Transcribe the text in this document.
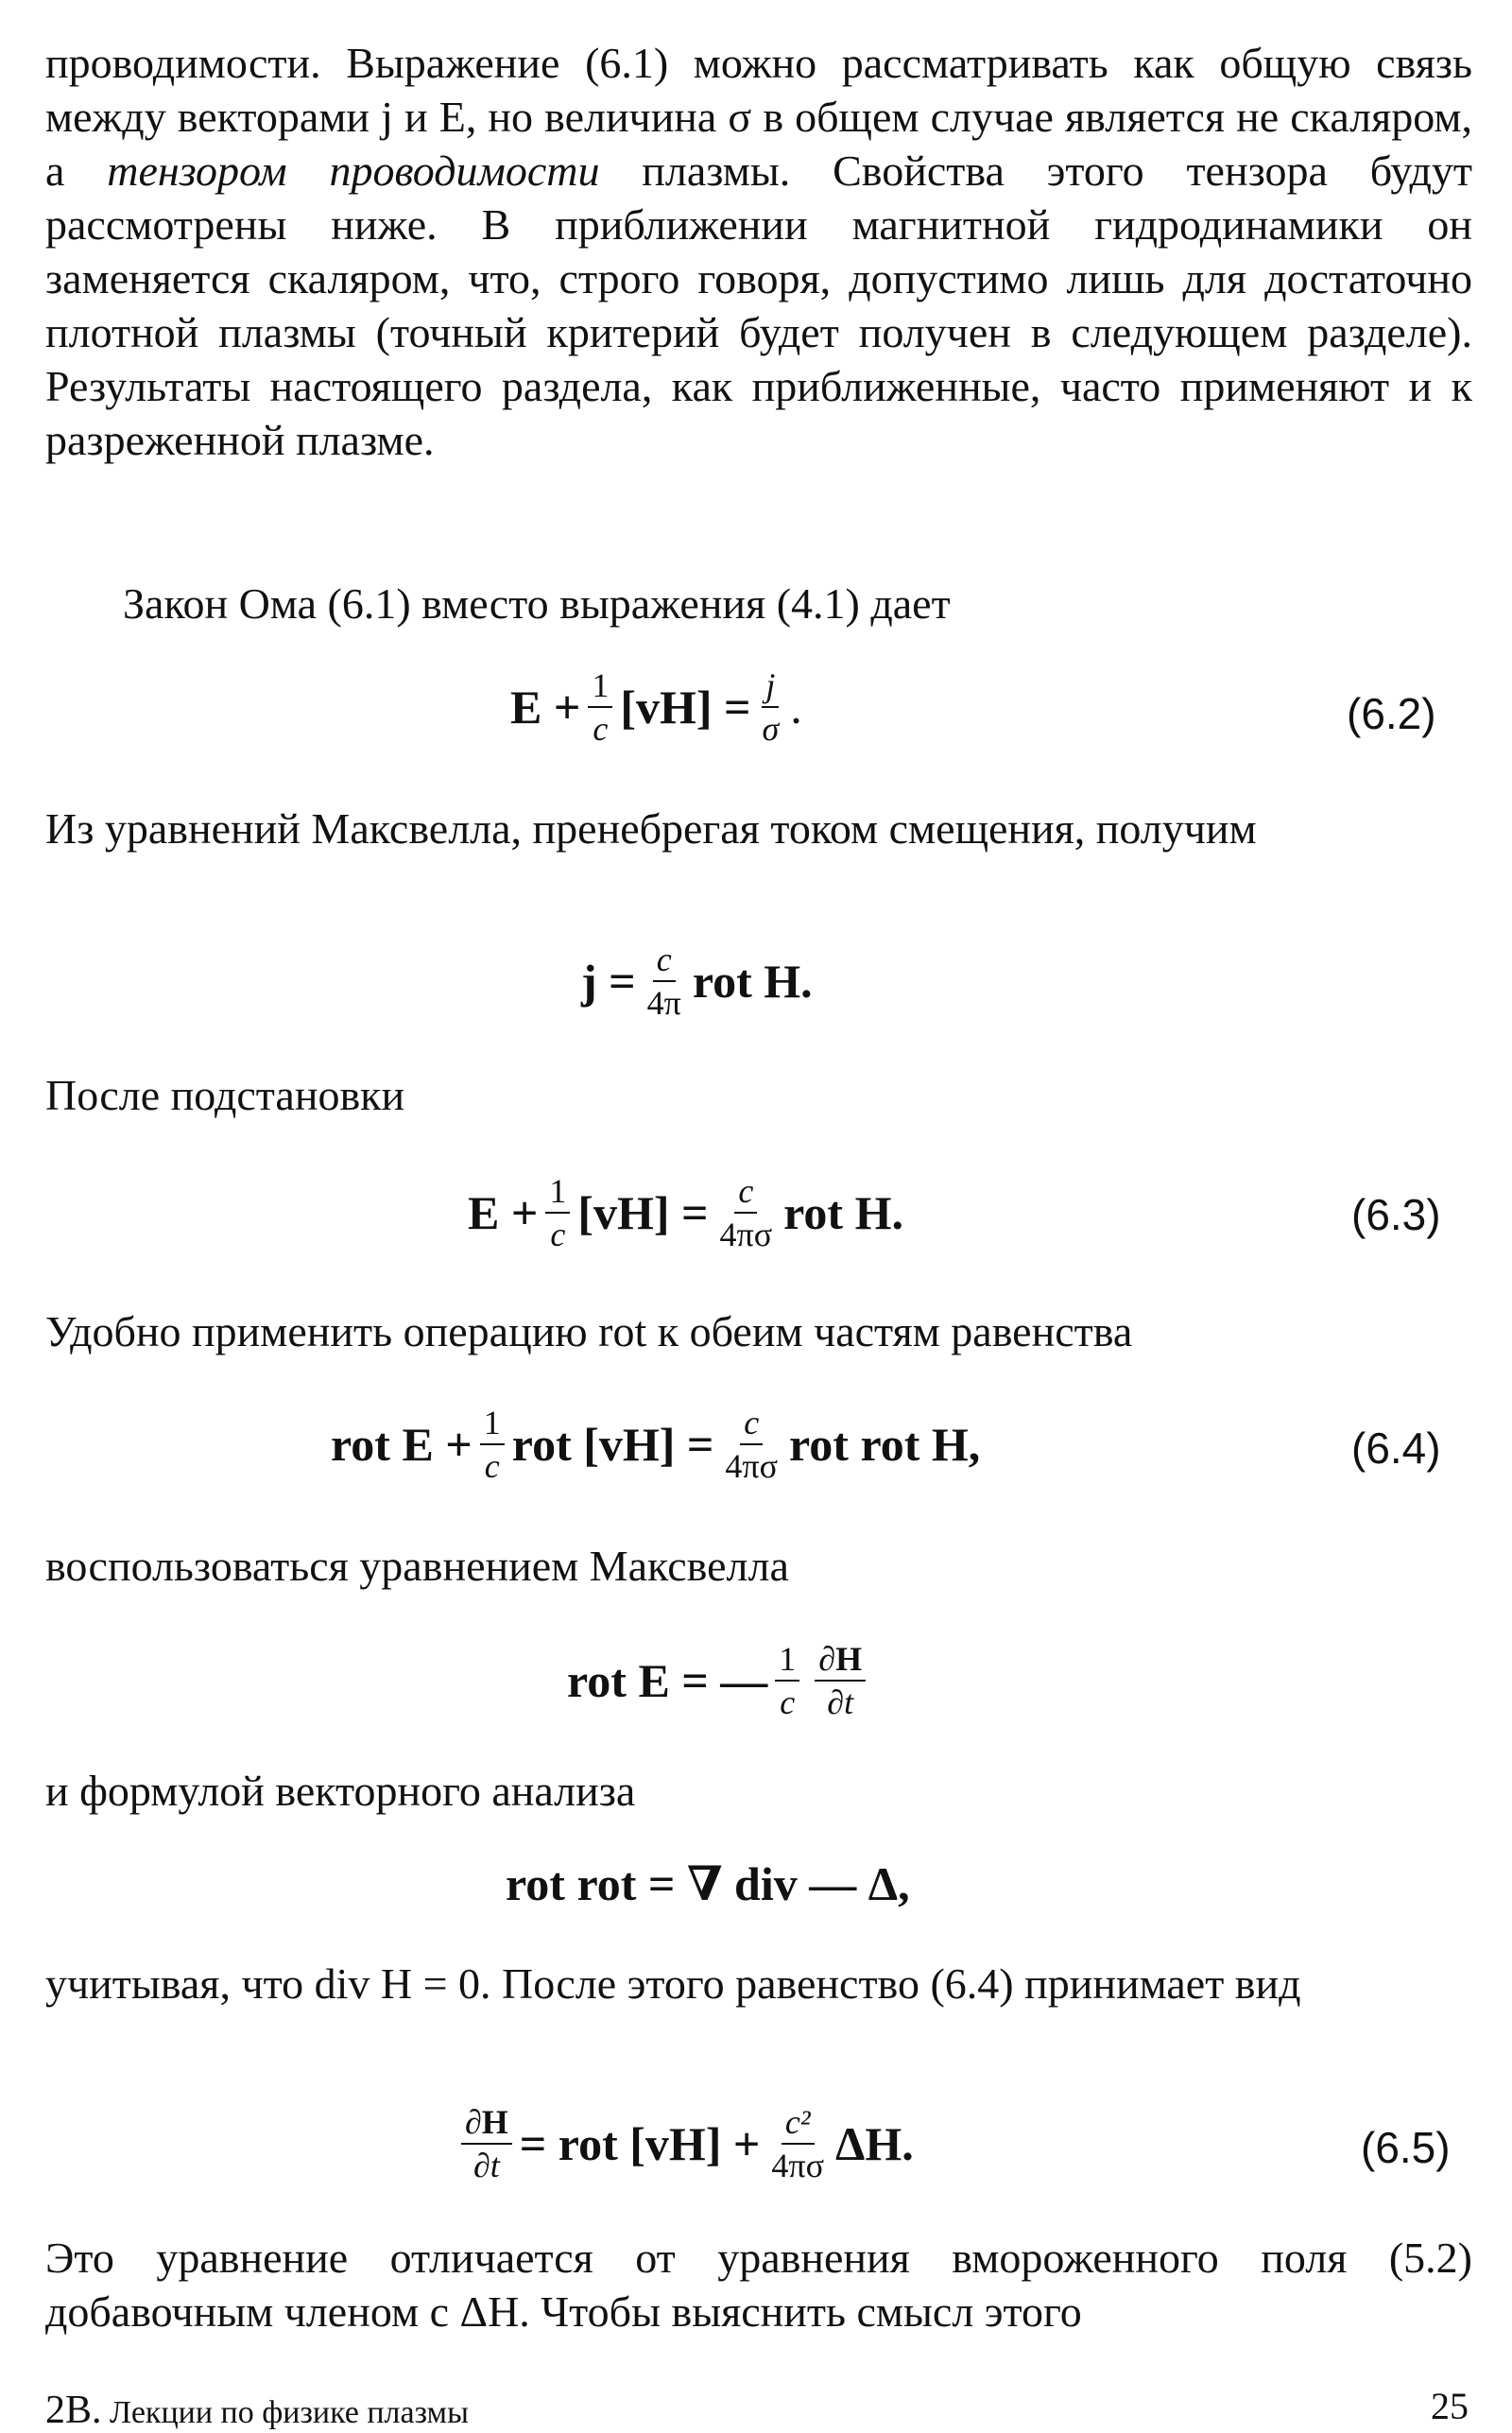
проводимости. Выражение (6.1) можно рассматривать как общую связь между векторами j и E, но величина σ в общем случае является не скаляром, а тензором проводимости плазмы. Свойства этого тензора будут рассмотрены ниже. В приближении магнитной гидродинамики он заменяется скаляром, что, строго говоря, допустимо лишь для достаточно плотной плазмы (точный критерий будет получен в следующем разделе). Результаты настоящего раздела, как приближенные, часто применяют и к разреженной плазме.

Закон Ома (6.1) вместо выражения (4.1) дает

$E + \frac{1}{c} [vH] = \frac{j}{\sigma}$ .	(6.2)

Из уравнений Максвелла, пренебрегая током смещения, получим

$j = \frac{c}{4\pi}$ rot H.

После подстановки

$E + \frac{1}{c} [vH] = \frac{c}{4\pi\sigma}$ rot H.	(6.3)

Удобно применить операцию rot к обеим частям равенства

rot $E + \frac{1}{c}$ rot $[vH] = \frac{c}{4\pi\sigma}$ rot rot H,	(6.4)

воспользоваться уравнением Максвелла

rot E = — $\frac{1}{c} \frac{\partial H}{\partial t}$

и формулой векторного анализа

rot rot = ∇ div — Δ,

учитывая, что div H = 0. После этого равенство (6.4) принимает вид

$\frac{\partial H}{\partial t}$ = rot $[vH] + \frac{\text{c²}}{4\pi\sigma} \Delta H$.	(6.5)

Это уравнение отличается от уравнения вмороженного поля (5.2) добавочным членом с ΔH. Чтобы выяснить смысл этого

2В. Лекции по физике плазмы	25
